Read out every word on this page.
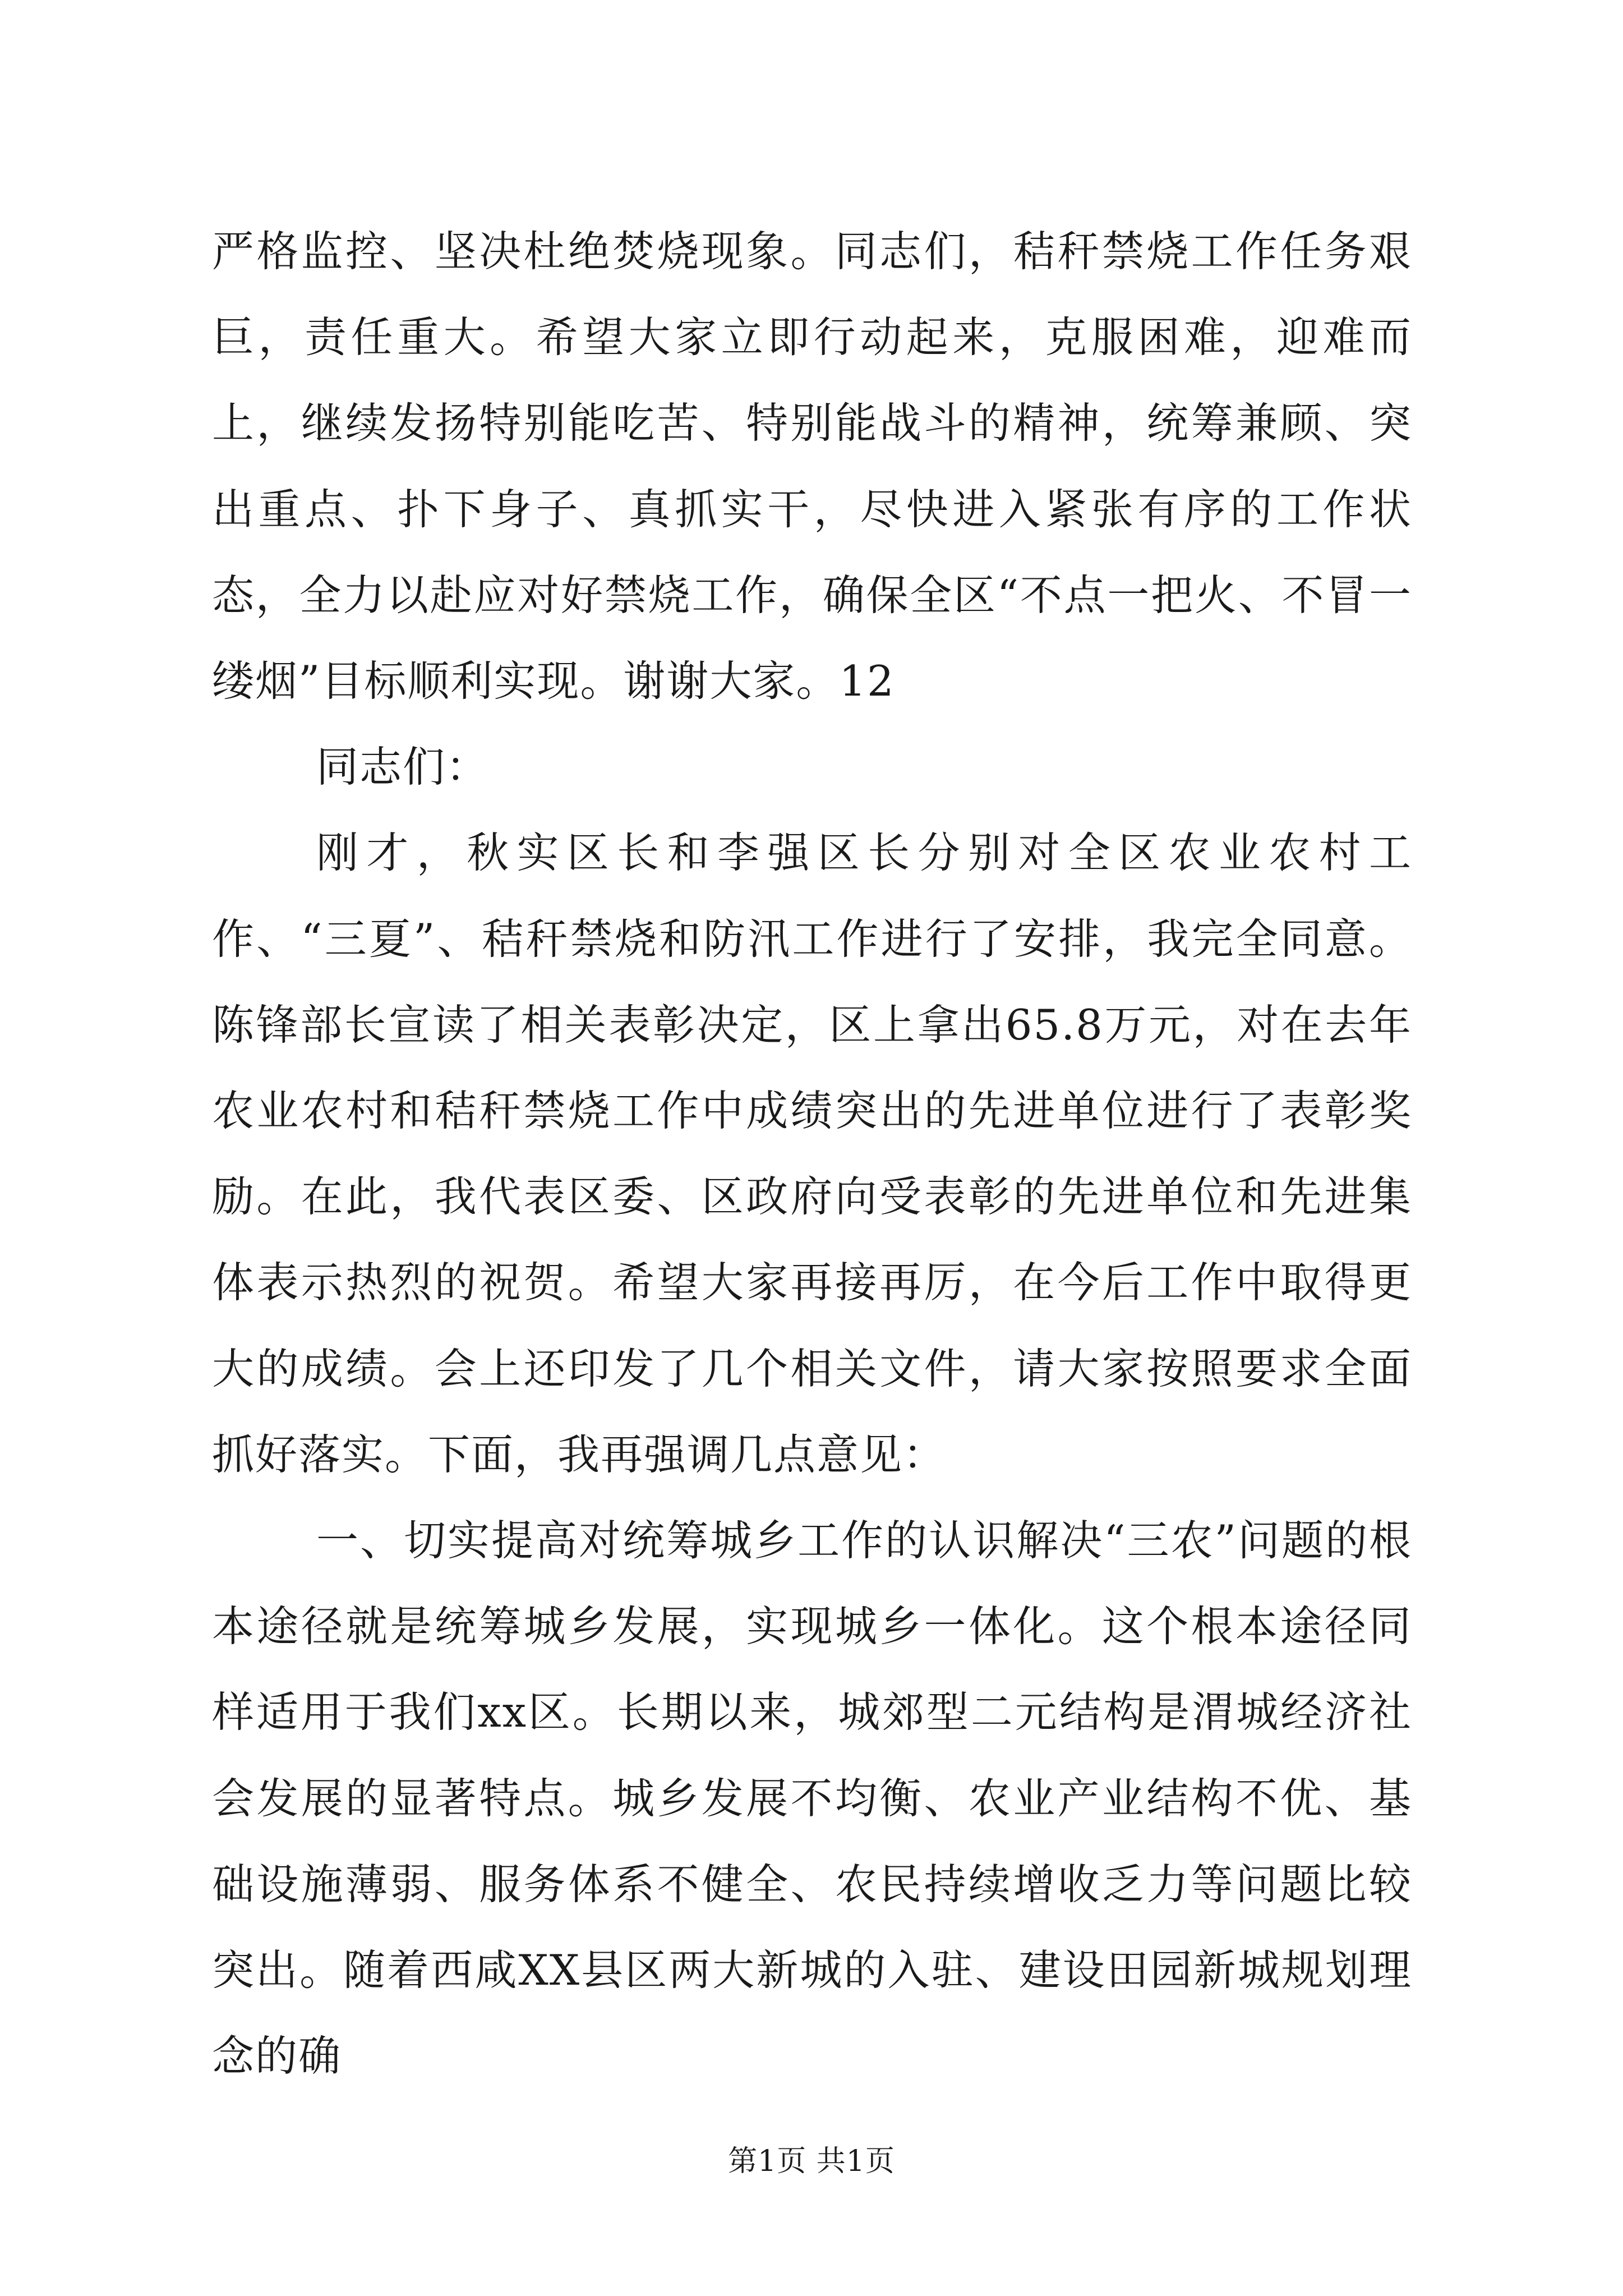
严格监控、坚决杜绝焚烧现象。同志们，秸秆禁烧工作任务艰巨，责任重大。希望大家立即行动起来，克服困难，迎难而上，继续发扬特别能吃苦、特别能战斗的精神，统筹兼顾、突出重点、扑下身子、真抓实干，尽快进入紧张有序的工作状态，全力以赴应对好禁烧工作，确保全区“不点一把火、不冒一缕烟”目标顺利实现。谢谢大家。12

同志们：

刚才，秋实区长和李强区长分别对全区农业农村工作、“三夏”、秸秆禁烧和防汛工作进行了安排，我完全同意。陈锋部长宣读了相关表彰决定，区上拿出65.8万元，对在去年农业农村和秸秆禁烧工作中成绩突出的先进单位进行了表彰奖励。在此，我代表区委、区政府向受表彰的先进单位和先进集体表示热烈的祝贺。希望大家再接再厉，在今后工作中取得更大的成绩。会上还印发了几个相关文件，请大家按照要求全面抓好落实。下面，我再强调几点意见：

一、切实提高对统筹城乡工作的认识解决“三农”问题的根本途径就是统筹城乡发展，实现城乡一体化。这个根本途径同样适用于我们xx区。长期以来，城郊型二元结构是渭城经济社会发展的显著特点。城乡发展不均衡、农业产业结构不优、基础设施薄弱、服务体系不健全、农民持续增收乏力等问题比较突出。随着西咸XX县区两大新城的入驻、建设田园新城规划理念的确

第1页 共1页
